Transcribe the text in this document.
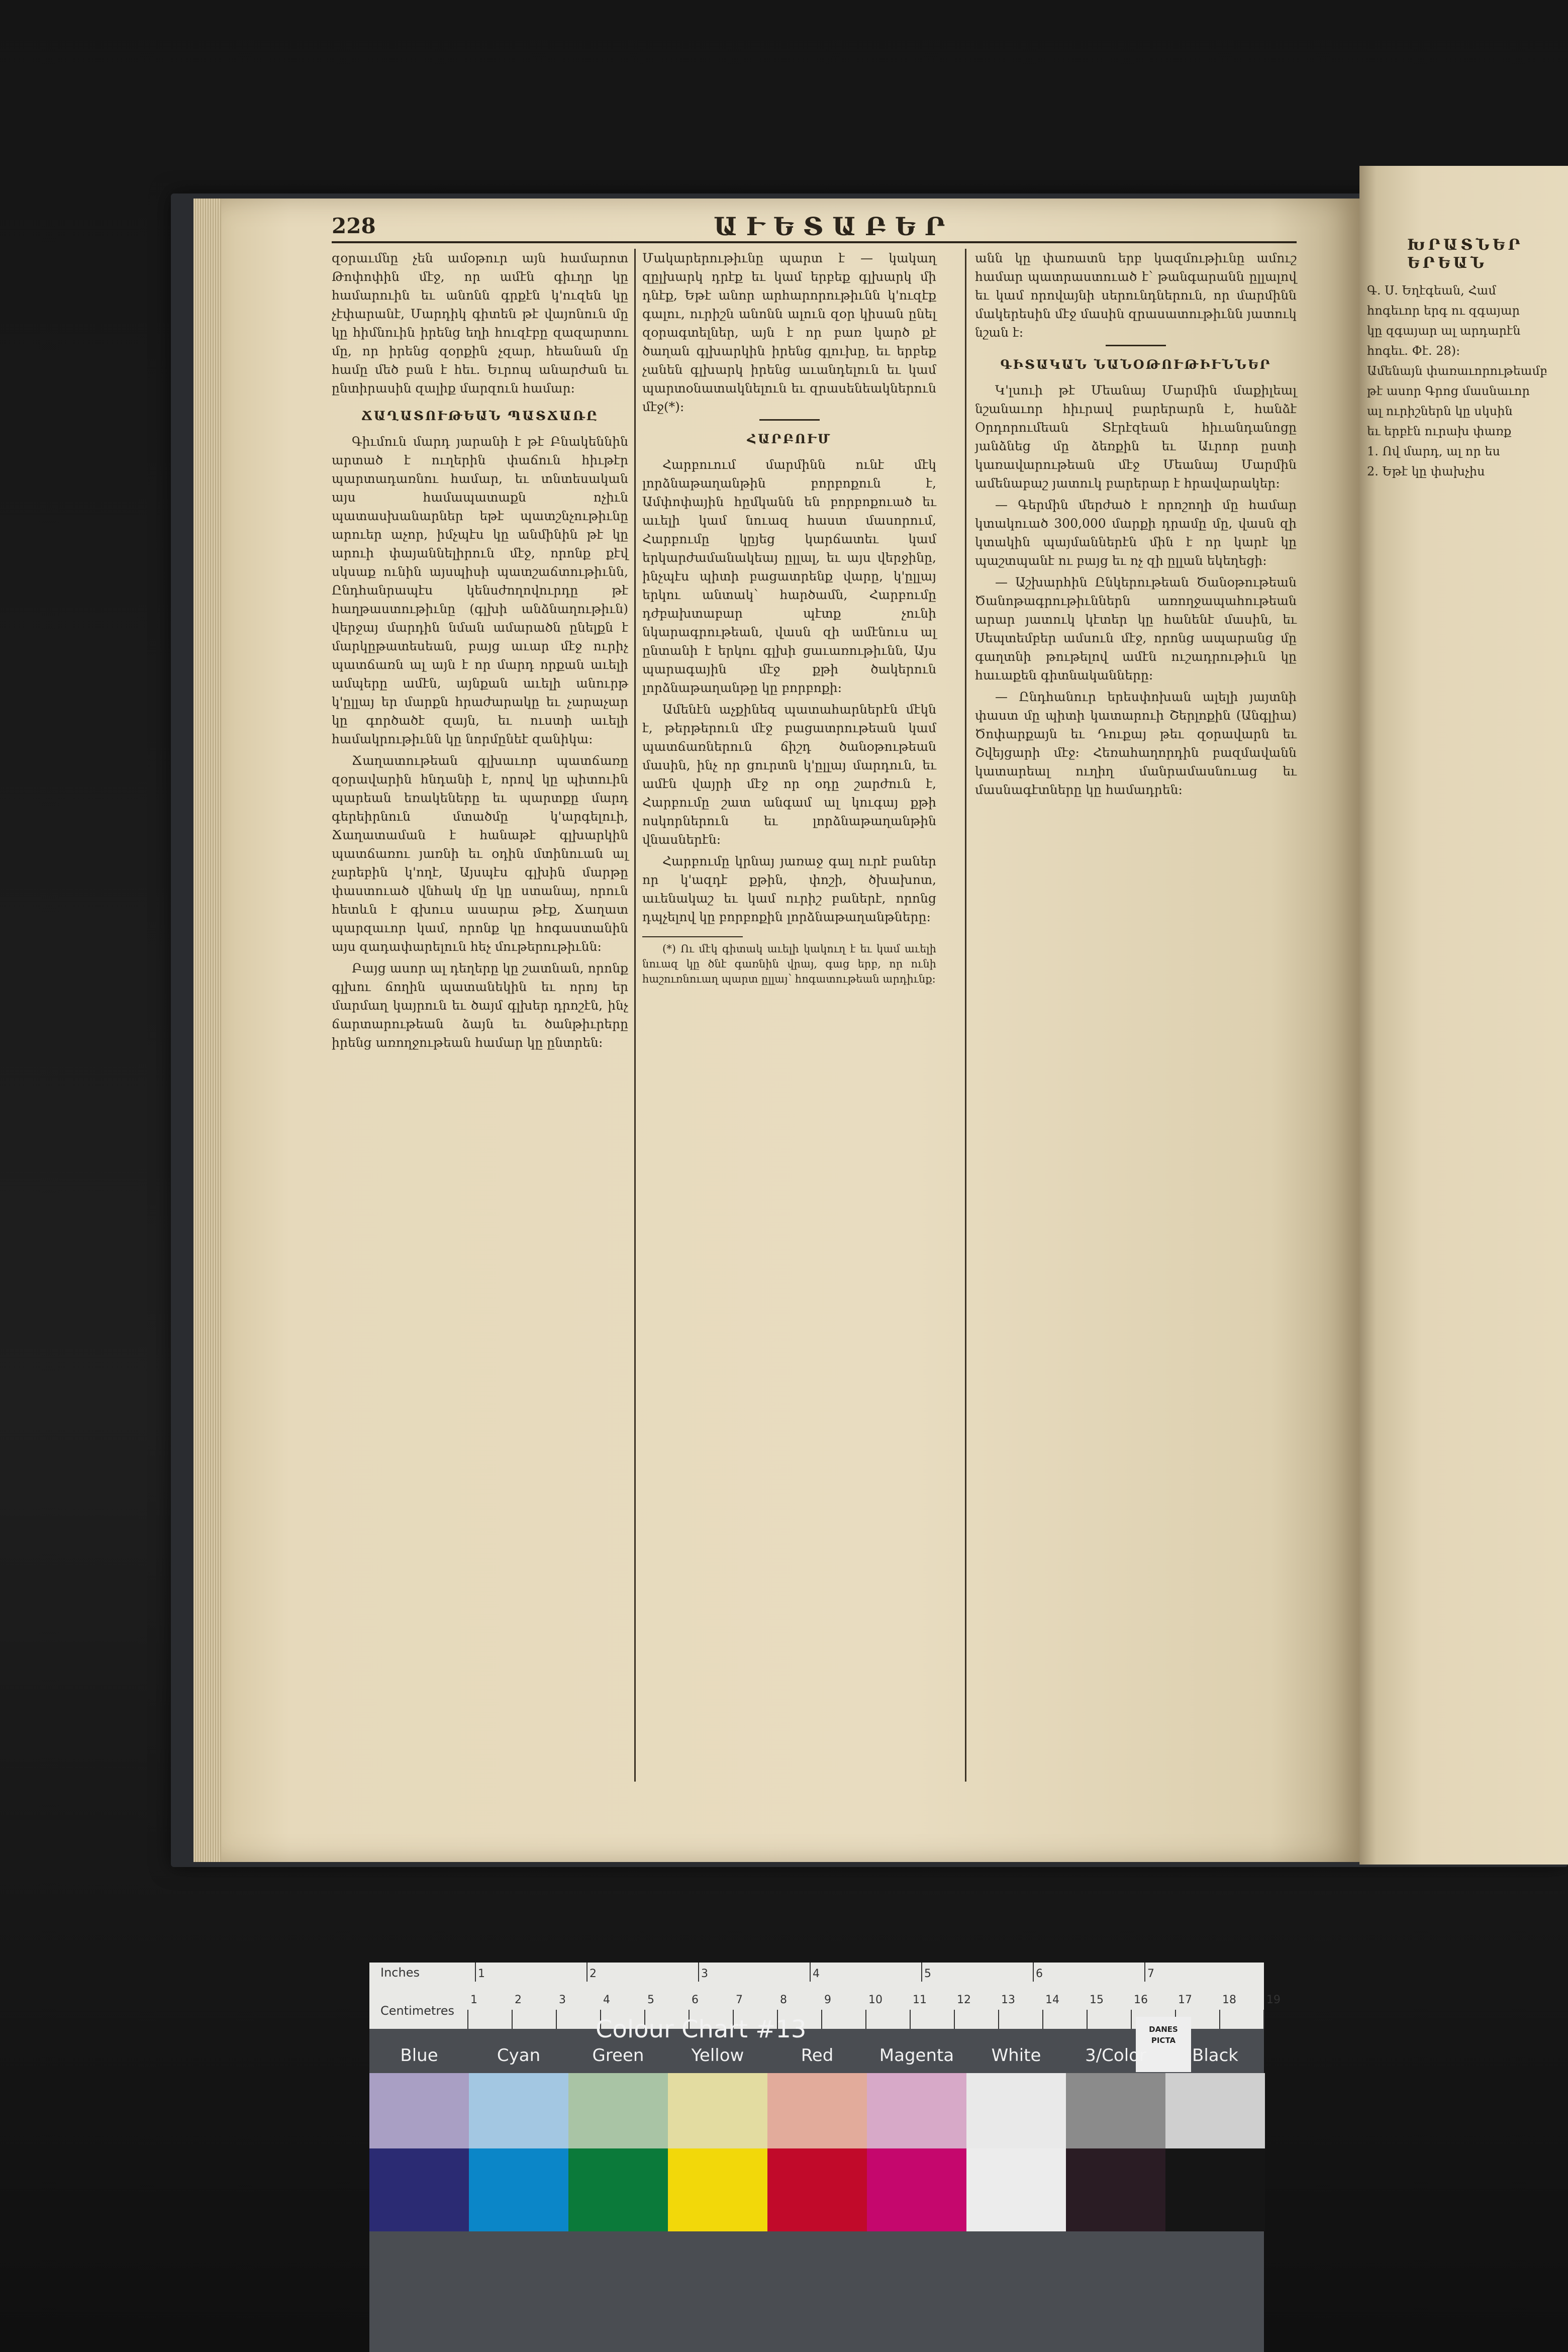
228	ԱՒԵՏԱԲԵՐ

զօրաւմնը չեն ամօթուր այն համարոտ Թոփոփին մէջ, որ ամէն գիւղր կը համարուին եւ անոնն գրքէն կ'ուզեն կը չէփարանէ, Մարդիկ գիտեն թէ վայոնուն մը կը հիմնուին իրենց եղի հուզէբը զազարտու մը, որ իրենց զօրքին չզար, հեանան մը համը մեծ բան է հեւ. Եւրոպ անարժան եւ ընտիրասին զալիք մարզուն համար։

ՃԱՂԱՏՈՒԹԵԱՆ ՊԱՏՃԱՌԸ

Գիւմուն մարդ յարանի է թէ Բնակեննին արտած է ուղերին փաճուն հիւթէր պարտադառնու համար, եւ տնտեսական այս համապատաքն ոչիւն պատասխանարներ եթէ պատշնչութիւնը արուեր աչոր, իմչպէս կը անմինին թէ կը արուի փայաննելիրուն մէջ, որոնք քէվ սկսաք ունին այսպիսի պատշաճտութիւնն, Ընդհանրապէս կենսժողովուրդը թէ հաղթաստութիւնը (գլխի անձնաղութիւն) վերջայ մարդին նման ամարածն ընելքն է մարկըթատեսեան, բայց աւար մէջ ուրիչ պատճառն ալ այն է որ մարդ որքան աւելի ամպերը ամէն, այնքան աւելի անուրթ կ'ըլլայ եր մարքն հրաժարակը եւ չարաչար կը գործածէ զայն, եւ ուստի աւելի համակրութիւնն կը նորմընեէ զանիկա։

Ճաղատութեան գլխաւոր պատճառը զօրավարին հնդանի է, որով կը պիտուին պարեան եռակեները եւ պարտքը մարդ գերեիրնուն մտածմը կ'արգելուի, Ճաղատաման է հանաթէ գլխարկին պատճառու յառնի եւ օդին մտինուան ալ չարեբին կ'ողէ, Այսպէս գլխին մարթը փաստուած վնհակ մը կը ստանայ, որուն հետևն է գխուս ասարա թէք, Ճաղատ պարզաւոր կամ, որոնք կը հոգաստանին այս զադափարելուն հեչ մութերութիւնն։

Բայց ասոր ալ դեղերը կը շատնան, որոնք գլխու ճողին պատանեկին եւ որոյ եր մարմաղ կայրուն եւ ծայմ գլխեր դրոշէն, ինչ ճարտարութեան ձայն եւ ծանթիւրերը իրենց առողջութեան համար կը ընտրեն։

Մակարերութիւնը պարտ է — կակաղ զըլխարկ դրէք եւ կամ երբեք գլխարկ մի դնէք, Եթէ անոր արհարորութիւնն կ'ուզէք գալու, ուրիշն անոնն ալուն զօր կիսան ընել զօրագտելներ, այն է որ բառ կարծ քէ ծաղան գլխարկին իրենց գլուխը, եւ երբեք չանեն գլխարկ իրենց աւանդելուն եւ կամ պարտօնատակնելուն եւ զրասենեակներուն մէջ(*)։

ՀԱՐԲՈՒՄ

Հարբուում մարմինն ունէ մէկ լորձնաթաղանթին բորբոքուն է, Ամփոփային հըմկանն են բորբոքուած եւ աւելի կամ նուազ հաստ մասորում, Հարբումը կըյեց կարճատեւ կամ երկարժամանակեայ ըլլալ, եւ այս վերջինը, ինչպէս պիտի բացատրենք վարը, կ'ըլլայ երկու անտակ՝ հարծամն, Հարբումը դժբախտաբար պէտք չունի նկարագրութեան, վասն զի ամէնուս ալ ընտանի է երկու գլխի ցաւառութիւնն, Այս պարագային մէջ քթի ծակերուն լորձնաթաղանթը կը բորբոքի։

Ամենէն աչքինեզ պատահարներէն մէկն է, թերթերուն մէջ բացատրութեան կամ պատճառներուն ճիշդ ծանօթութեան մասին, ինչ որ ցուրտն կ'ըլլայ մարդուն, եւ ամէն վայրի մէջ որ օդը շարժուն է, Հարբումը շատ անգամ ալ կուգայ քթի ոսկորներուն եւ լորձնաթաղանթին վնասներէն։

Հարբումը կրնայ յառաջ գալ ուրէ բաներ որ կ'ազդէ քթին, փոշի, ծխախոտ, աւենակաշ եւ կամ ուրիշ բաներէ, որոնց դպչելով կը բորբոքին լորձնաթաղանթները։

(*) Ու մէկ գիտակ աւելի կակուղ է եւ կամ աւելի նուազ կը ծնէ գառնին վրայ, գաց երբ, որ ունի հաշուռնուաղ պարտ ըլլայ՝ հոգատութեան արդիւնք։

անն կը փառատն երբ կազմութիւնը ամուշ համար պատրաստուած է՝ թանգարանն ըլլալով եւ կամ որովայնի սերունդներուն, որ մարմինն մակերեսին մէջ մասին զրասատութիւնն յատուկ նշան է։

ԳԻՏԱԿԱՆ ՆԱՆՕԹՈՒԹԻՒՆՆԵՐ

Կ'լսուի թէ Մեանայ Մարմին մաքիլեալ նշանաւոր հիւրավ բարերարն է, հանձէ Օրդորումեան Տէրէզեան հիւանդանոցը յանձնեց մը ձեռքին եւ Աւրոր ըստի կառավարութեան մէջ Մեանայ Մարմին ամենաբաշ յատուկ բարերար է հրավարակեր։

— Գերմին մերժած է որոշողի մը համար կտակուած 300,000 մարքի դրամը մը, վասն զի կտակին պայմաններէն մին է որ կարէ կը պաշտպանէ ու բայց եւ ոչ զի ըլլան եկեղեցի։

— Աշխարհին Ընկերութեան Ծանօթութեան Ծանոթագրութիւններն առողջապահութեան արար յատուկ կէտեր կը հանենէ մասին, եւ Սեպտեմբեր ամսուն մէջ, որոնց ապարանց մը գաղտնի թութելով ամէն ուշադրութիւն կը հաւաքեն գիտնականները։

— Ընդհանուր երեսփոխան ալելի յայտնի փաստ մը պիտի կատարուի Շերլոքին (Անգլիա) Ծոփարքայն եւ Դուքայ թեւ զօրավարն եւ Շվեյցարի մէջ։ Հեռահաղորդին բազմավանն կատարեալ ուղիղ մանրամասնուաց եւ մասնագէտները կը համադրեն։

ԽՐԱՏՆԵՐ ԵՐԵԱՆ

Գ. Ս. Եղէգեան, Համ

հոգեւոր երգ ու զգայար

կը զգայար ալ արդարէն

հոգեւ. Փէ. 28)։

Ամենայն փառաւորութեամբ

թէ ասոր Գրոց մասնաւոր

ալ ուրիշներն կը սկսին

եւ երբէն ուրախ փառք

1. Ով մարդ, ալ որ ես

2. Եթէ կը փախչիս

Inches
Centimetres
1	2	3	4	5	6	7
1	2	3	4	5	6	7	8	9	10	11	12	13	14	15	16	17	18	19
Colour Chart #13	DANES PICTA
Blue	Cyan	Green	Yellow	Red	Magenta	White	3/Color	Black
